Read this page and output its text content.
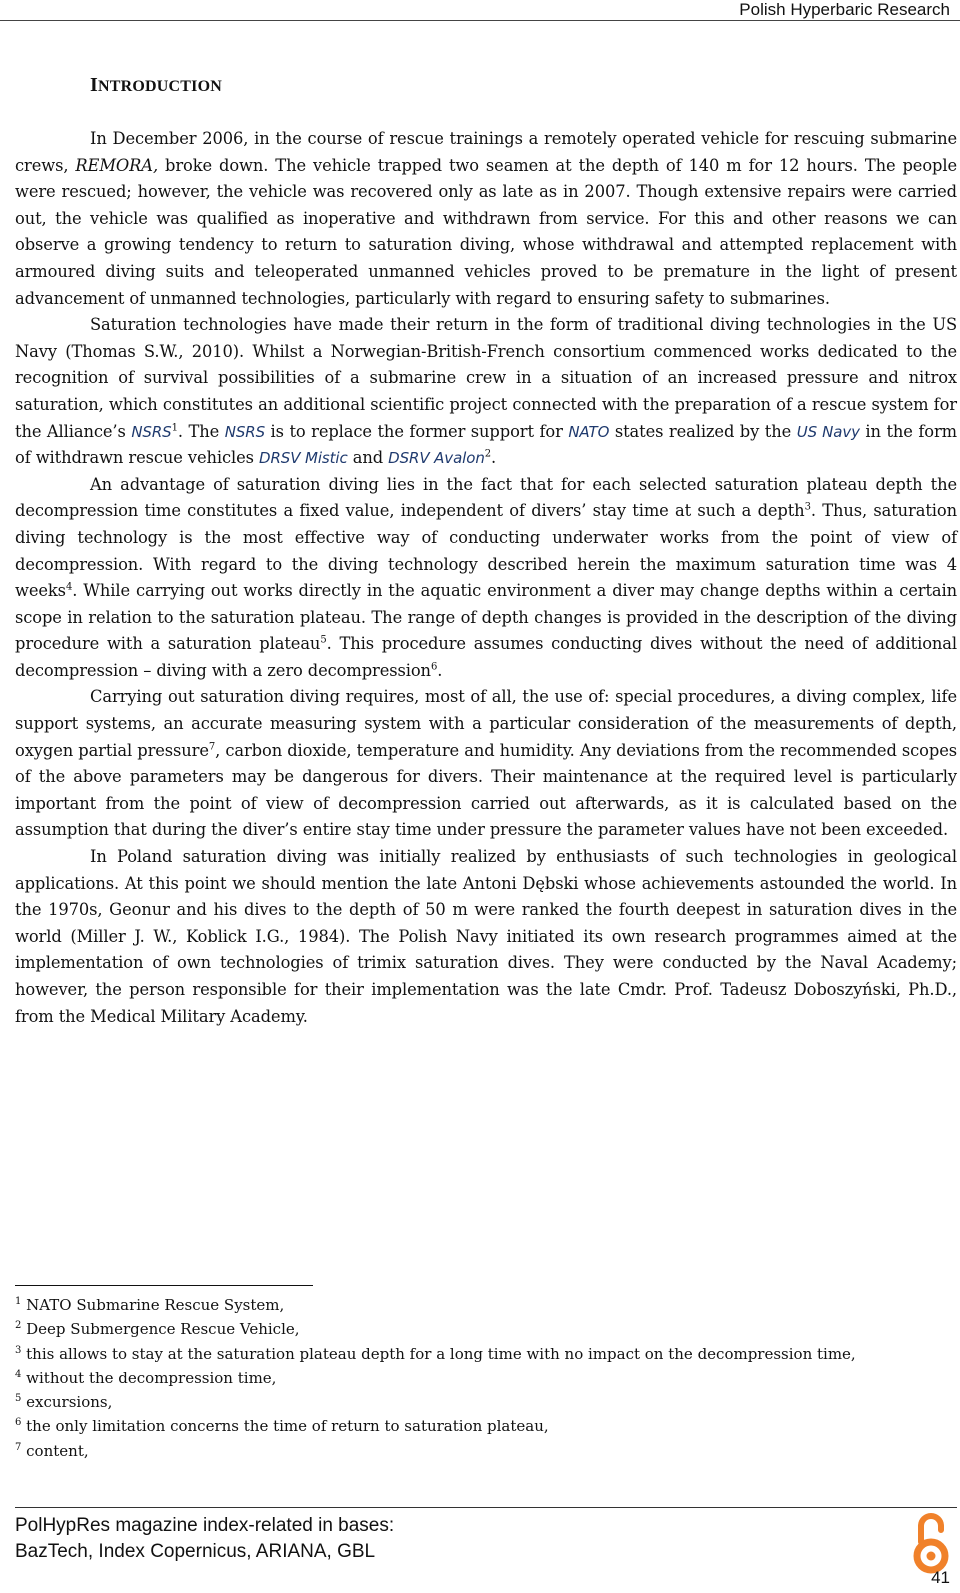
Polish Hyperbaric Research
INTRODUCTION

In December 2006, in the course of rescue trainings a remotely operated vehicle for rescuing submarine crews, REMORA, broke down. The vehicle trapped two seamen at the depth of 140 m for 12 hours. The people were rescued; however, the vehicle was recovered only as late as in 2007. Though extensive repairs were carried out, the vehicle was qualified as inoperative and withdrawn from service. For this and other reasons we can observe a growing tendency to return to saturation diving, whose withdrawal and attempted replacement with armoured diving suits and teleoperated unmanned vehicles proved to be premature in the light of present advancement of unmanned technologies, particularly with regard to ensuring safety to submarines.

Saturation technologies have made their return in the form of traditional diving technologies in the US Navy (Thomas S.W., 2010). Whilst a Norwegian-British-French consortium commenced works dedicated to the recognition of survival possibilities of a submarine crew in a situation of an increased pressure and nitrox saturation, which constitutes an additional scientific project connected with the preparation of a rescue system for the Alliance’s NSRS$^1$. The NSRS is to replace the former support for NATO states realized by the US Navy in the form of withdrawn rescue vehicles DRSV Mistic and DSRV Avalon$^2$.

An advantage of saturation diving lies in the fact that for each selected saturation plateau depth the decompression time constitutes a fixed value, independent of divers’ stay time at such a depth$^3$. Thus, saturation diving technology is the most effective way of conducting underwater works from the point of view of decompression. With regard to the diving technology described herein the maximum saturation time was 4 weeks$^4$. While carrying out works directly in the aquatic environment a diver may change depths within a certain scope in relation to the saturation plateau. The range of depth changes is provided in the description of the diving procedure with a saturation plateau$^5$. This procedure assumes conducting dives without the need of additional decompression – diving with a zero decompression$^6$.

Carrying out saturation diving requires, most of all, the use of: special procedures, a diving complex, life support systems, an accurate measuring system with a particular consideration of the measurements of depth, oxygen partial pressure$^7$, carbon dioxide, temperature and humidity. Any deviations from the recommended scopes of the above parameters may be dangerous for divers. Their maintenance at the required level is particularly important from the point of view of decompression carried out afterwards, as it is calculated based on the assumption that during the diver’s entire stay time under pressure the parameter values have not been exceeded.

In Poland saturation diving was initially realized by enthusiasts of such technologies in geological applications. At this point we should mention the late Antoni Dębski whose achievements astounded the world. In the 1970s, Geonur and his dives to the depth of 50 m were ranked the fourth deepest in saturation dives in the world (Miller J. W., Koblick I.G., 1984). The Polish Navy initiated its own research programmes aimed at the implementation of own technologies of trimix saturation dives. They were conducted by the Naval Academy; however, the person responsible for their implementation was the late Cmdr. Prof. Tadeusz Doboszyński, Ph.D., from the Medical Military Academy.

$^1$ NATO Submarine Rescue System,
$^2$ Deep Submergence Rescue Vehicle,
$^3$ this allows to stay at the saturation plateau depth for a long time with no impact on the decompression time,
$^4$ without the decompression time,
$^5$ excursions,
$^6$ the only limitation concerns the time of return to saturation plateau,
$^7$ content,
PolHypRes magazine index-related in bases:
BazTech, Index Copernicus, ARIANA, GBL
41
